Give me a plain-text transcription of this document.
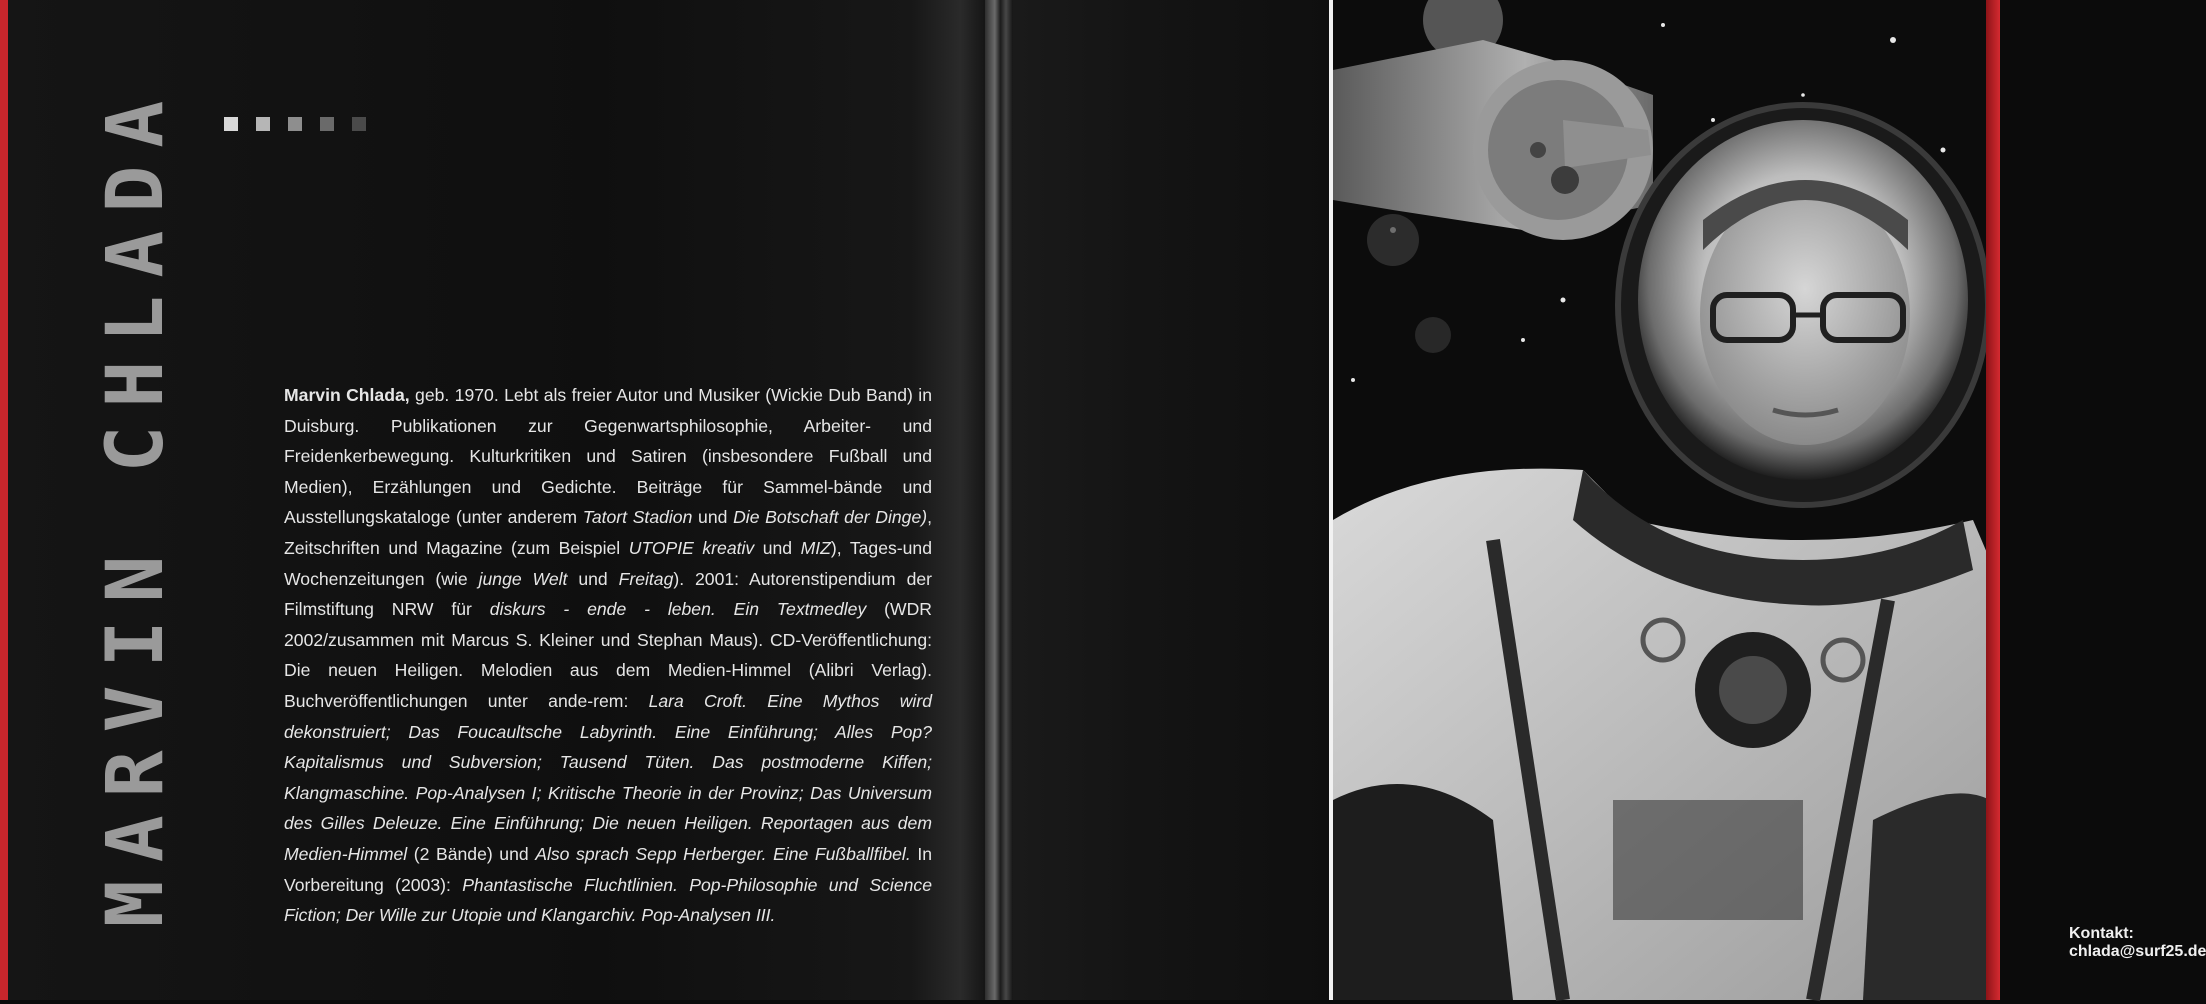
MARVIN CHLADA	Marvin Chlada, geb. 1970. Lebt als freier Autor und Musiker (Wickie Dub Band) in Duisburg. Publikationen zur Gegenwartsphilosophie, Arbeiter- und Freidenkerbewegung. Kulturkritiken und Satiren (insbesondere Fußball und Medien), Erzählungen und Gedichte. Beiträge für Sammel-bände und Ausstellungskataloge (unter anderem Tatort Stadion und Die Botschaft der Dinge), Zeitschriften und Magazine (zum Beispiel UTOPIE kreativ und MIZ), Tages-und Wochenzeitungen (wie junge Welt und Freitag). 2001: Autorenstipendium der Filmstiftung NRW für diskurs - ende - leben. Ein Textmedley (WDR 2002/zusammen mit Marcus S. Kleiner und Stephan Maus). CD-Veröffentlichung: Die neuen Heiligen. Melodien aus dem Medien-Himmel (Alibri Verlag). Buchveröffentlichungen unter ande-rem: Lara Croft. Eine Mythos wird dekonstruiert; Das Foucaultsche Labyrinth. Eine Einführung; Alles Pop? Kapitalismus und Subversion; Tausend Tüten. Das postmoderne Kiffen; Klangmaschine. Pop-Analysen I; Kritische Theorie in der Provinz; Das Universum des Gilles Deleuze. Eine Einführung; Die neuen Heiligen. Reportagen aus dem Medien-Himmel (2 Bände) und Also sprach Sepp Herberger. Eine Fußballfibel. In Vorbereitung (2003): Phantastische Fluchtlinien. Pop-Philosophie und Science Fiction; Der Wille zur Utopie und Klangarchiv. Pop-Analysen III.

Kontakt: chlada@surf25.de
